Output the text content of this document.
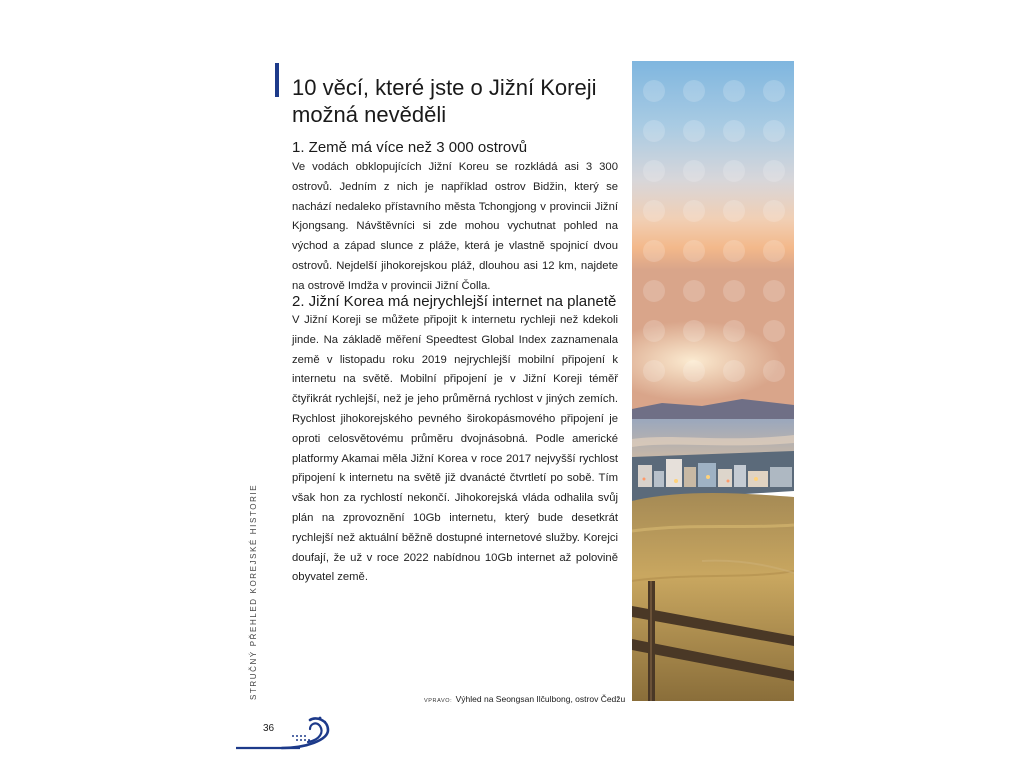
10 věcí, které jste o Jižní Koreji možná nevěděli
1. Země má více než 3 000 ostrovů

Ve vodách obklopujících Jižní Koreu se rozkládá asi 3 300 ostrovů. Jedním z nich je například ostrov Bidžin, který se nachází nedaleko přístavního města Tchongjong v provincii Jižní Kjongsang. Návštěvníci si zde mohou vychutnat pohled na východ a západ slunce z pláže, která je vlastně spojnicí dvou ostrovů. Nejdelší jihokorejskou pláž, dlouhou asi 12 km, najdete na ostrově Imdža v provincii Jižní Čolla.

2. Jižní Korea má nejrychlejší internet na planetě

V Jižní Koreji se můžete připojit k internetu rychleji než kdekoli jinde. Na základě měření Speedtest Global Index zaznamenala země v listopadu roku 2019 nejrychlejší mobilní připojení k internetu na světě. Mobilní připojení je v Jižní Koreji téměř čtyřikrát rychlejší, než je jeho průměrná rychlost v jiných zemích. Rychlost jihokorejského pevného širokopásmového připojení je oproti celosvětovému průměru dvojnásobná. Podle americké platformy Akamai měla Jižní Korea v roce 2017 nejvyšší rychlost připojení k internetu na světě již dvanácté čtvrtletí po sobě. Tím však hon za rychlostí nekončí. Jihokorejská vláda odhalila svůj plán na zprovoznění 10Gb internetu, který bude desetkrát rychlejší než aktuální běžně dostupné internetové služby. Korejci doufají, že už v roce 2022 nabídnou 10Gb internet až polovině obyvatel země.

STRUČNÝ PŘEHLED KOREJSKÉ HISTORIE
VPRAVO: Výhled na Seongsan Ilčulbong, ostrov Čedžu
36
